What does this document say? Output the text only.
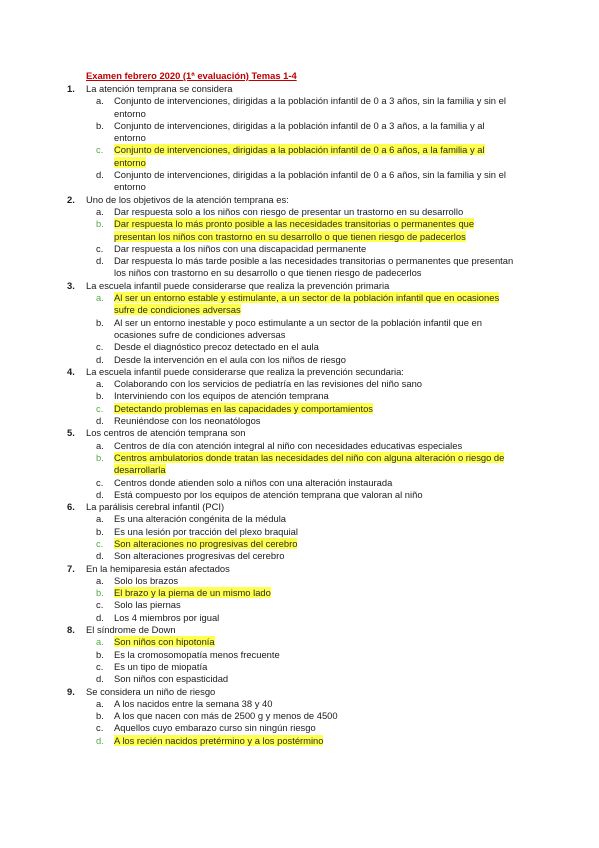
Examen febrero 2020 (1ª evaluación) Temas 1-4
1. La atención temprana se considera
a. Conjunto de intervenciones, dirigidas a la población infantil de 0 a 3 años, sin la familia y sin el entorno
b. Conjunto de intervenciones, dirigidas a la población infantil de 0 a 3 años, a la familia y al entorno
c. Conjunto de intervenciones, dirigidas a la población infantil de 0 a 6 años, a la familia y al entorno
d. Conjunto de intervenciones, dirigidas a la población infantil de 0 a 6 años, sin la familia y sin el entorno
2. Uno de los objetivos de la atención temprana es:
a. Dar respuesta solo a los niños con riesgo de presentar un trastorno en su desarrollo
b. Dar respuesta lo más pronto posible a las necesidades transitorias o permanentes que presentan los niños con trastorno en su desarrollo o que tienen riesgo de padecerlos
c. Dar respuesta a los niños con una discapacidad permanente
d. Dar respuesta lo más tarde posible a las necesidades transitorias o permanentes que presentan los niños con trastorno en su desarrollo o que tienen riesgo de padecerlos
3. La escuela infantil puede considerarse que realiza la prevención primaria
a. Al ser un entorno estable y estimulante, a un sector de la población infantil que en ocasiones sufre de condiciones adversas
b. Al ser un entorno inestable y poco estimulante a un sector de la población infantil que en ocasiones sufre de condiciones adversas
c. Desde el diagnóstico precoz detectado en el aula
d. Desde la intervención en el aula con los niños de riesgo
4. La escuela infantil puede considerarse que realiza la prevención secundaria:
a. Colaborando con los servicios de pediatría en las revisiones del niño sano
b. Interviniendo con los equipos de atención temprana
c. Detectando problemas en las capacidades y comportamientos
d. Reuniéndose con los neonatólogos
5. Los centros de atención temprana son
a. Centros de día con atención integral al niño con necesidades educativas especiales
b. Centros ambulatorios donde tratan las necesidades del niño con alguna alteración o riesgo de desarrollarla
c. Centros donde atienden solo a niños con una alteración instaurada
d. Está compuesto por los equipos de atención temprana que valoran al niño
6. La parálisis cerebral infantil (PCI)
a. Es una alteración congénita de la médula
b. Es una lesión por tracción del plexo braquial
c. Son alteraciones no progresivas del cerebro
d. Son alteraciones progresivas del cerebro
7. En la hemiparesia están afectados
a. Solo los brazos
b. El brazo y la pierna de un mismo lado
c. Solo las piernas
d. Los 4 miembros por igual
8. El síndrome de Down
a. Son niños con hipotonía
b. Es la cromosomopatía menos frecuente
c. Es un tipo de miopatía
d. Son niños con espasticidad
9. Se considera un niño de riesgo
a. A los nacidos entre la semana 38 y 40
b. A los que nacen con más de 2500 g y menos de 4500
c. Aquellos cuyo embarazo curso sin ningún riesgo
d. A los recién nacidos pretérmino y a los postérmino
